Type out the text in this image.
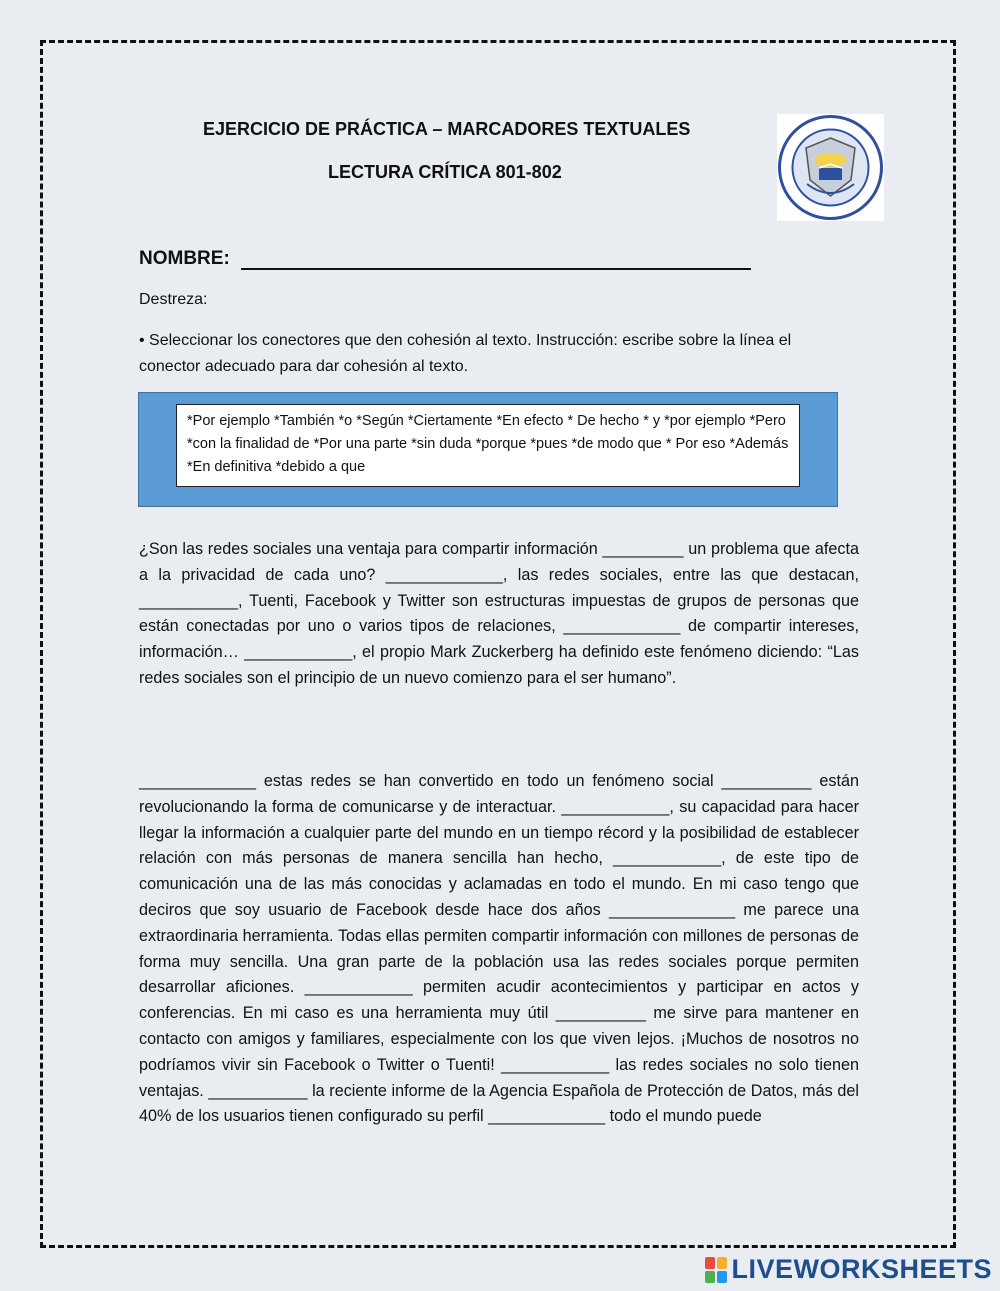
EJERCICIO DE PRÁCTICA – MARCADORES TEXTUALES
LECTURA CRÍTICA 801-802
NOMBRE:
Destreza:
• Seleccionar los conectores que den cohesión al texto. Instrucción: escribe sobre la línea el conector adecuado para dar cohesión al texto.
*Por ejemplo *También *o *Según *Ciertamente *En efecto * De hecho * y *por ejemplo *Pero *con la finalidad de *Por una parte *sin duda *porque *pues *de modo que * Por eso *Además *En definitiva *debido a que

¿Son las redes sociales una ventaja para compartir información _________ un problema que afecta a la privacidad de cada uno? _____________, las redes sociales, entre las que destacan, ___________, Tuenti, Facebook y Twitter son estructuras impuestas de grupos de personas que están conectadas por uno o varios tipos de relaciones, _____________ de compartir intereses, información… ____________, el propio Mark Zuckerberg ha definido este fenómeno diciendo: “Las redes sociales son el principio de un nuevo comienzo para el ser humano”.

_____________ estas redes se han convertido en todo un fenómeno social __________ están revolucionando la forma de comunicarse y de interactuar. ____________, su capacidad para hacer llegar la información a cualquier parte del mundo en un tiempo récord y la posibilidad de establecer relación con más personas de manera sencilla han hecho, ____________, de este tipo de comunicación una de las más conocidas y aclamadas en todo el mundo. En mi caso tengo que deciros que soy usuario de Facebook desde hace dos años ______________ me parece una extraordinaria herramienta. Todas ellas permiten compartir información con millones de personas de forma muy sencilla. Una gran parte de la población usa las redes sociales porque permiten desarrollar aficiones. ____________ permiten acudir acontecimientos y participar en actos y conferencias. En mi caso es una herramienta muy útil __________ me sirve para mantener en contacto con amigos y familiares, especialmente con los que viven lejos. ¡Muchos de nosotros no podríamos vivir sin Facebook o Twitter o Tuenti! ____________ las redes sociales no solo tienen ventajas. ___________ la reciente informe de la Agencia Española de Protección de Datos, más del 40% de los usuarios tienen configurado su perfil _____________ todo el mundo puede

LIVEWORKSHEETS
